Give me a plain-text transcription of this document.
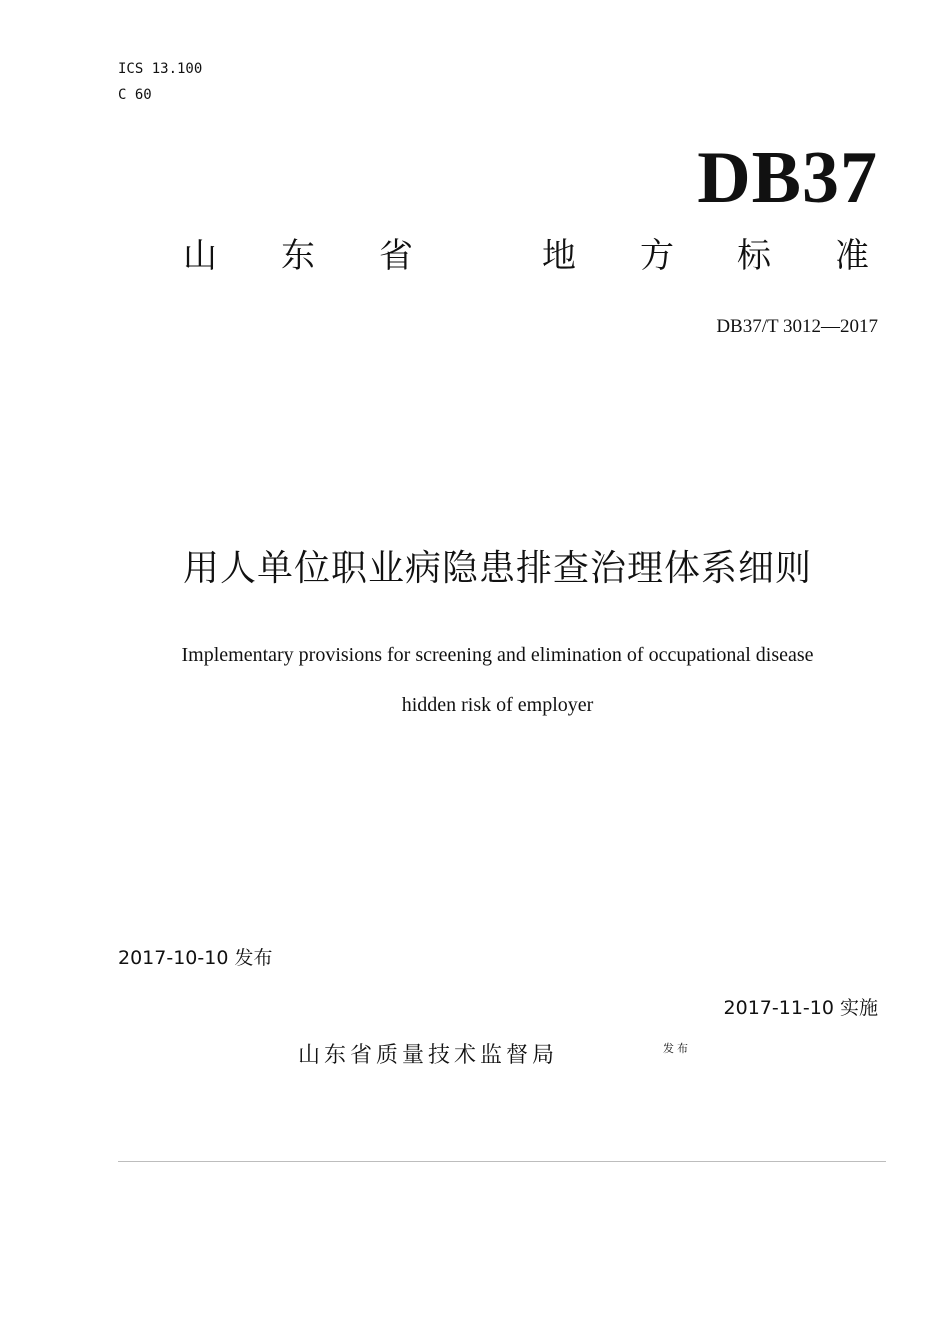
ICS 13.100
C 60
DB37
山 东 省	地 方 标 准
DB37/T 3012—2017
用人单位职业病隐患排查治理体系细则
Implementary provisions for screening and elimination of occupational disease
hidden risk of employer
2017-10-10 发布
2017-11-10 实施
山东省质量技术监督局	发布
